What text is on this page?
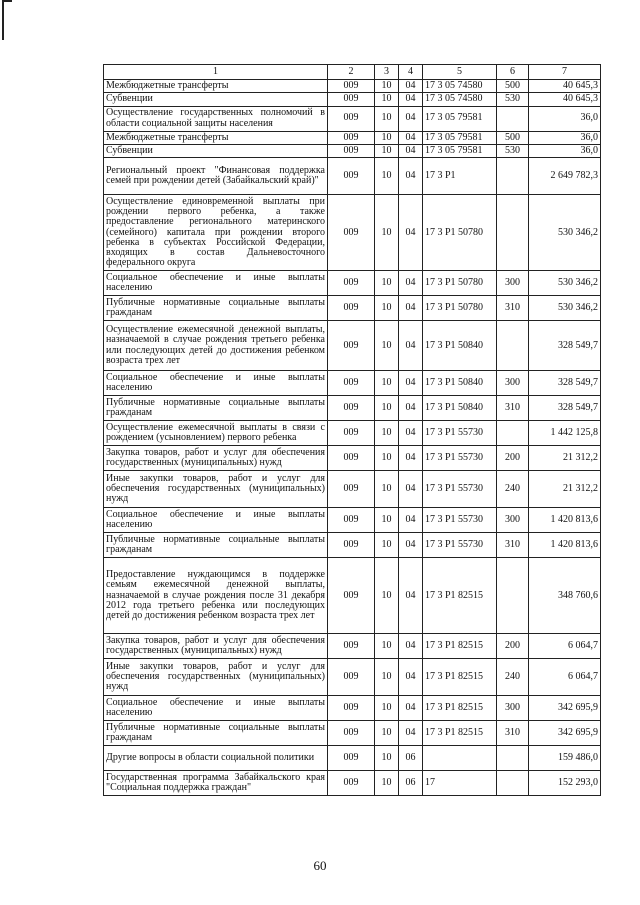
1	2	3	4	5	6	7
Межбюджетные трансферты	009	10	04	17 3 05 74580	500	40 645,3
Субвенции	009	10	04	17 3 05 74580	530	40 645,3
Осуществление государственных полномочий в области социальной защиты населения	009	10	04	17 3 05 79581		36,0
Межбюджетные трансферты	009	10	04	17 3 05 79581	500	36,0
Субвенции	009	10	04	17 3 05 79581	530	36,0
Региональный проект "Финансовая поддержка семей при рождении детей (Забайкальский край)"	009	10	04	17 3 P1		2 649 782,3
Осуществление единовременной выплаты при рождении первого ребенка, а также предоставление регионального материнского (семейного) капитала при рождении второго ребенка в субъектах Российской Федерации, входящих в состав Дальневосточного федерального округа	009	10	04	17 3 P1 50780		530 346,2
Социальное обеспечение и иные выплаты населению	009	10	04	17 3 P1 50780	300	530 346,2
Публичные нормативные социальные выплаты гражданам	009	10	04	17 3 P1 50780	310	530 346,2
Осуществление ежемесячной денежной выплаты, назначаемой в случае рождения третьего ребенка или последующих детей до достижения ребенком возраста трех лет	009	10	04	17 3 P1 50840		328 549,7
Социальное обеспечение и иные выплаты населению	009	10	04	17 3 P1 50840	300	328 549,7
Публичные нормативные социальные выплаты гражданам	009	10	04	17 3 P1 50840	310	328 549,7
Осуществление ежемесячной выплаты в связи с рождением (усыновлением) первого ребенка	009	10	04	17 3 P1 55730		1 442 125,8
Закупка товаров, работ и услуг для обеспечения государственных (муниципальных) нужд	009	10	04	17 3 P1 55730	200	21 312,2
Иные закупки товаров, работ и услуг для обеспечения государственных (муниципальных) нужд	009	10	04	17 3 P1 55730	240	21 312,2
Социальное обеспечение и иные выплаты населению	009	10	04	17 3 P1 55730	300	1 420 813,6
Публичные нормативные социальные выплаты гражданам	009	10	04	17 3 P1 55730	310	1 420 813,6
Предоставление нуждающимся в поддержке семьям ежемесячной денежной выплаты, назначаемой в случае рождения после 31 декабря 2012 года третьего ребенка или последующих детей до достижения ребенком возраста трех лет	009	10	04	17 3 P1 82515		348 760,6
Закупка товаров, работ и услуг для обеспечения государственных (муниципальных) нужд	009	10	04	17 3 P1 82515	200	6 064,7
Иные закупки товаров, работ и услуг для обеспечения государственных (муниципальных) нужд	009	10	04	17 3 P1 82515	240	6 064,7
Социальное обеспечение и иные выплаты населению	009	10	04	17 3 P1 82515	300	342 695,9
Публичные нормативные социальные выплаты гражданам	009	10	04	17 3 P1 82515	310	342 695,9
Другие вопросы в области социальной политики	009	10	06			159 486,0
Государственная программа Забайкальского края "Социальная поддержка граждан"	009	10	06	17		152 293,0
60
